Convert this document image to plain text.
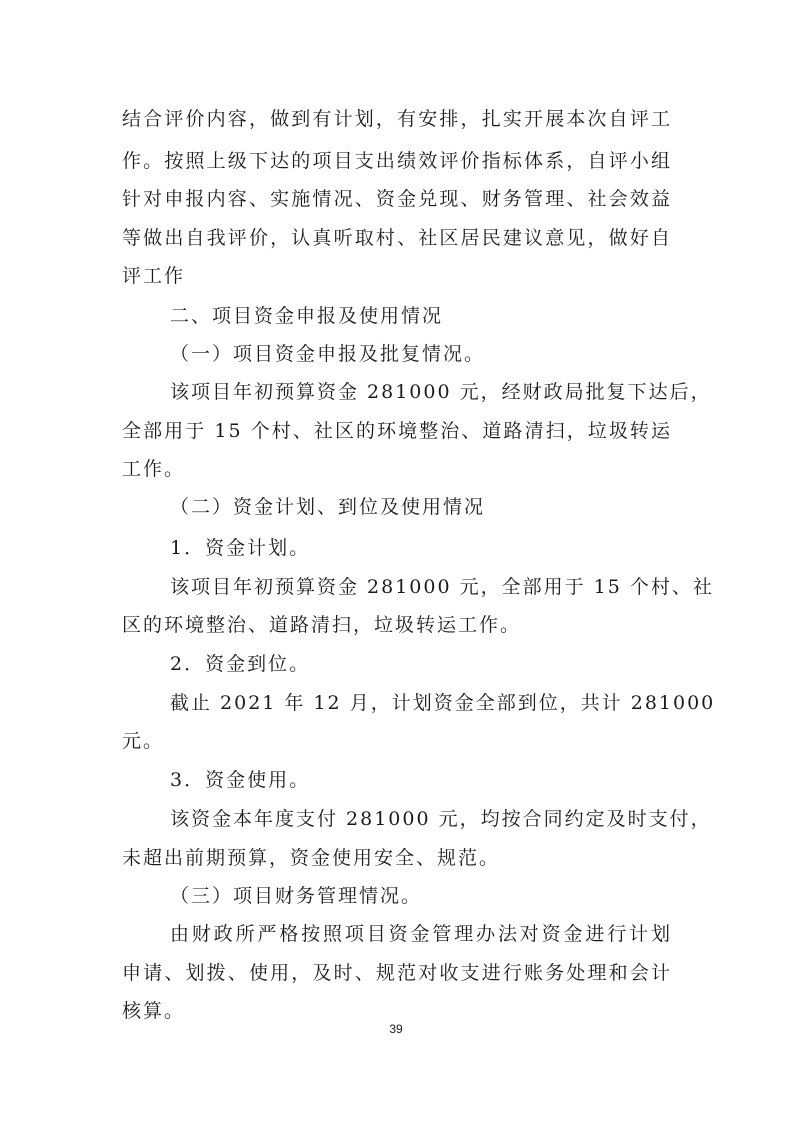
结合评价内容，做到有计划，有安排，扎实开展本次自评工
作。按照上级下达的项目支出绩效评价指标体系，自评小组
针对申报内容、实施情况、资金兑现、财务管理、社会效益
等做出自我评价，认真听取村、社区居民建议意见，做好自
评工作
二、项目资金申报及使用情况
（一）项目资金申报及批复情况。
该项目年初预算资金 281000 元，经财政局批复下达后，
全部用于 15 个村、社区的环境整治、道路清扫，垃圾转运
工作。
（二）资金计划、到位及使用情况
1．资金计划。
该项目年初预算资金 281000 元，全部用于 15 个村、社
区的环境整治、道路清扫，垃圾转运工作。
2．资金到位。
截止 2021 年 12 月，计划资金全部到位，共计 281000
元。
3．资金使用。
该资金本年度支付 281000 元，均按合同约定及时支付，
未超出前期预算，资金使用安全、规范。
（三）项目财务管理情况。
由财政所严格按照项目资金管理办法对资金进行计划
申请、划拨、使用，及时、规范对收支进行账务处理和会计
核算。
39
